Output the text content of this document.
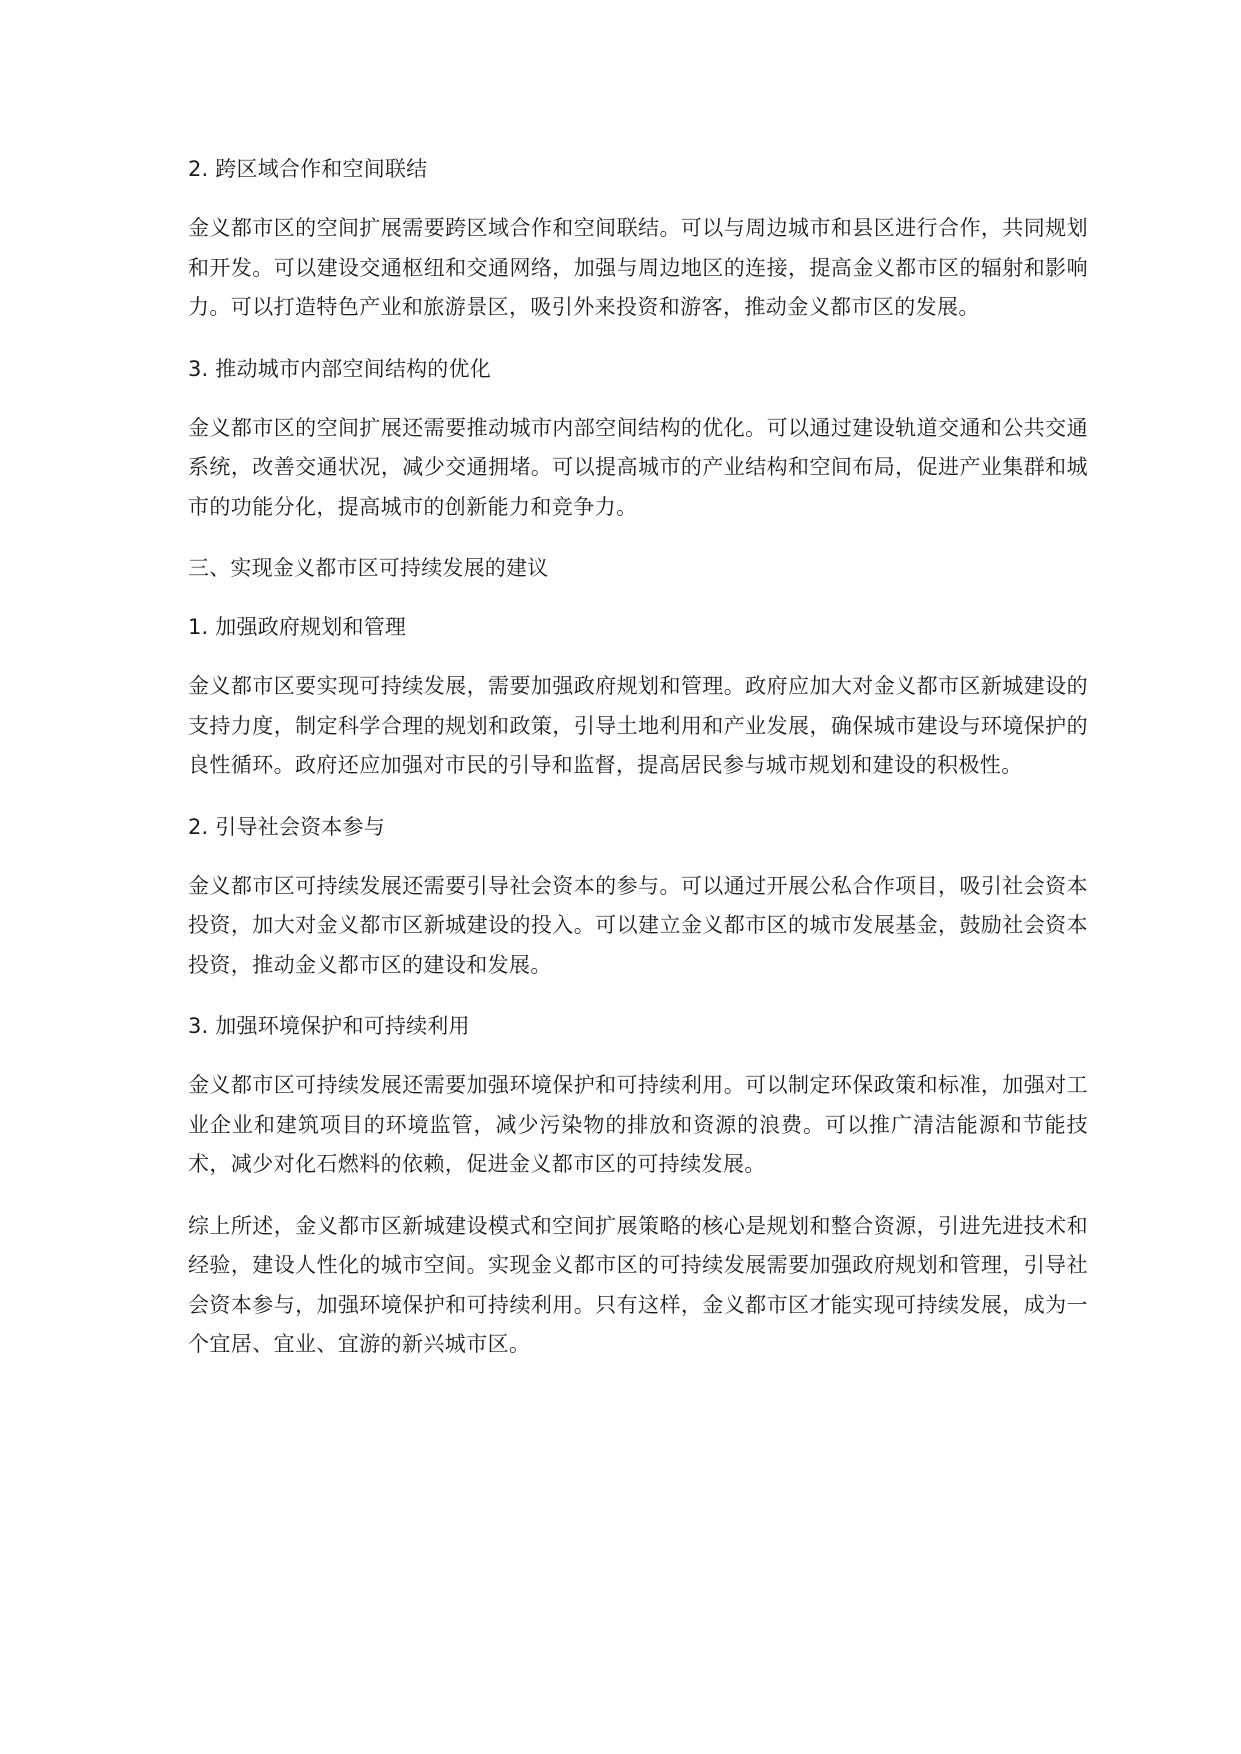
2. 跨区域合作和空间联结

金义都市区的空间扩展需要跨区域合作和空间联结。可以与周边城市和县区进行合作，共同规划和开发。可以建设交通枢纽和交通网络，加强与周边地区的连接，提高金义都市区的辐射和影响力。可以打造特色产业和旅游景区，吸引外来投资和游客，推动金义都市区的发展。

3. 推动城市内部空间结构的优化

金义都市区的空间扩展还需要推动城市内部空间结构的优化。可以通过建设轨道交通和公共交通系统，改善交通状况，减少交通拥堵。可以提高城市的产业结构和空间布局，促进产业集群和城市的功能分化，提高城市的创新能力和竞争力。

三、实现金义都市区可持续发展的建议

1. 加强政府规划和管理

金义都市区要实现可持续发展，需要加强政府规划和管理。政府应加大对金义都市区新城建设的支持力度，制定科学合理的规划和政策，引导土地利用和产业发展，确保城市建设与环境保护的良性循环。政府还应加强对市民的引导和监督，提高居民参与城市规划和建设的积极性。

2. 引导社会资本参与

金义都市区可持续发展还需要引导社会资本的参与。可以通过开展公私合作项目，吸引社会资本投资，加大对金义都市区新城建设的投入。可以建立金义都市区的城市发展基金，鼓励社会资本投资，推动金义都市区的建设和发展。

3. 加强环境保护和可持续利用

金义都市区可持续发展还需要加强环境保护和可持续利用。可以制定环保政策和标准，加强对工业企业和建筑项目的环境监管，减少污染物的排放和资源的浪费。可以推广清洁能源和节能技术，减少对化石燃料的依赖，促进金义都市区的可持续发展。

综上所述，金义都市区新城建设模式和空间扩展策略的核心是规划和整合资源，引进先进技术和经验，建设人性化的城市空间。实现金义都市区的可持续发展需要加强政府规划和管理，引导社会资本参与，加强环境保护和可持续利用。只有这样，金义都市区才能实现可持续发展，成为一个宜居、宜业、宜游的新兴城市区。
